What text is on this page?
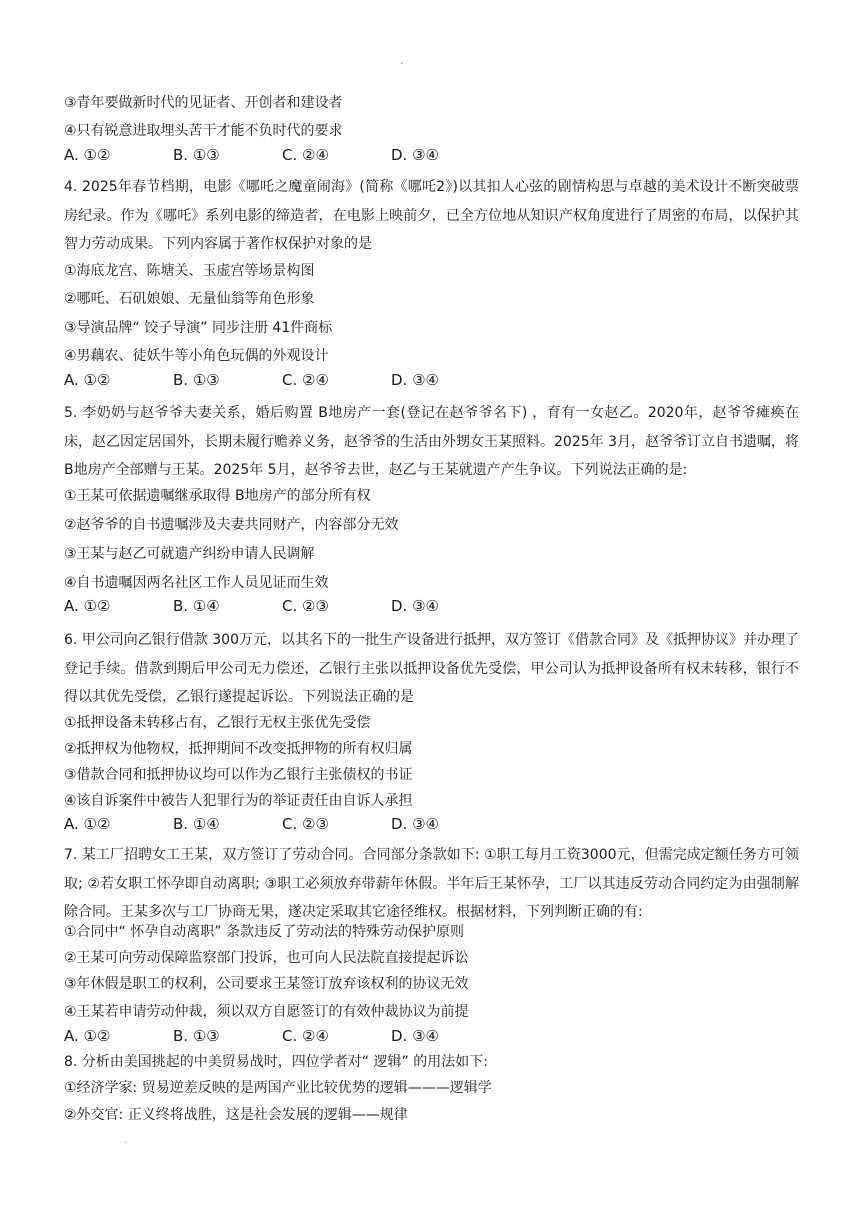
.
③青年要做新时代的见证者、开创者和建设者
④只有锐意进取埋头苦干才能不负时代的要求
A. ①②	B. ①③	C. ②④	D. ③④
4. 2025年春节档期，电影《哪吒之魔童闹海》(简称《哪吒2》)以其扣人心弦的剧情构思与卓越的美术设计不断突破票房纪录。作为《哪吒》系列电影的缔造者，在电影上映前夕，已全方位地从知识产权角度进行了周密的布局，以保护其智力劳动成果。下列内容属于著作权保护对象的是
①海底龙宫、陈塘关、玉虚宫等场景构图
②哪吒、石矶娘娘、无量仙翁等角色形象
③导演品牌“ 饺子导演” 同步注册 41件商标
④男藕农、徒妖牛等小角色玩偶的外观设计
A. ①②	B. ①③	C. ②④	D. ③④
5. 李奶奶与赵爷爷夫妻关系，婚后购置 B地房产一套(登记在赵爷爷名下) ，育有一女赵乙。2020年，赵爷爷瘫痪在床，赵乙因定居国外，长期未履行赡养义务，赵爷爷的生活由外甥女王某照料。2025年 3月，赵爷爷订立自书遗嘱，将 B地房产全部赠与王某。2025年 5月，赵爷爷去世，赵乙与王某就遗产产生争议。下列说法正确的是:
①王某可依据遗嘱继承取得 B地房产的部分所有权
②赵爷爷的自书遗嘱涉及夫妻共同财产，内容部分无效
③王某与赵乙可就遗产纠纷申请人民调解
④自书遗嘱因两名社区工作人员见证而生效
A. ①②	B. ①④	C. ②③	D. ③④
6. 甲公司向乙银行借款 300万元，以其名下的一批生产设备进行抵押，双方签订《借款合同》及《抵押协议》并办理了登记手续。借款到期后甲公司无力偿还，乙银行主张以抵押设备优先受偿，甲公司认为抵押设备所有权未转移，银行不得以其优先受偿，乙银行遂提起诉讼。下列说法正确的是
①抵押设备未转移占有，乙银行无权主张优先受偿
②抵押权为他物权，抵押期间不改变抵押物的所有权归属
③借款合同和抵押协议均可以作为乙银行主张债权的书证
④该自诉案件中被告人犯罪行为的举证责任由自诉人承担
A. ①②	B. ①④	C. ②③	D. ③④
7. 某工厂招聘女工王某，双方签订了劳动合同。合同部分条款如下: ①职工每月工资3000元，但需完成定额任务方可领取; ②若女职工怀孕即自动离职; ③职工必须放弃带薪年休假。半年后王某怀孕，工厂以其违反劳动合同约定为由强制解除合同。王某多次与工厂协商无果，遂决定采取其它途径维权。根据材料，下列判断正确的有:
①合同中“ 怀孕自动离职” 条款违反了劳动法的特殊劳动保护原则
②王某可向劳动保障监察部门投诉，也可向人民法院直接提起诉讼
③年休假是职工的权利，公司要求王某签订放弃该权利的协议无效
④王某若申请劳动仲裁，须以双方自愿签订的有效仲裁协议为前提
A. ①②	B. ①③	C. ②④	D. ③④
8. 分析由美国挑起的中美贸易战时，四位学者对“ 逻辑” 的用法如下:
①经济学家: 贸易逆差反映的是两国产业比较优势的逻辑———逻辑学
②外交官: 正义终将战胜，这是社会发展的逻辑——规律
.
